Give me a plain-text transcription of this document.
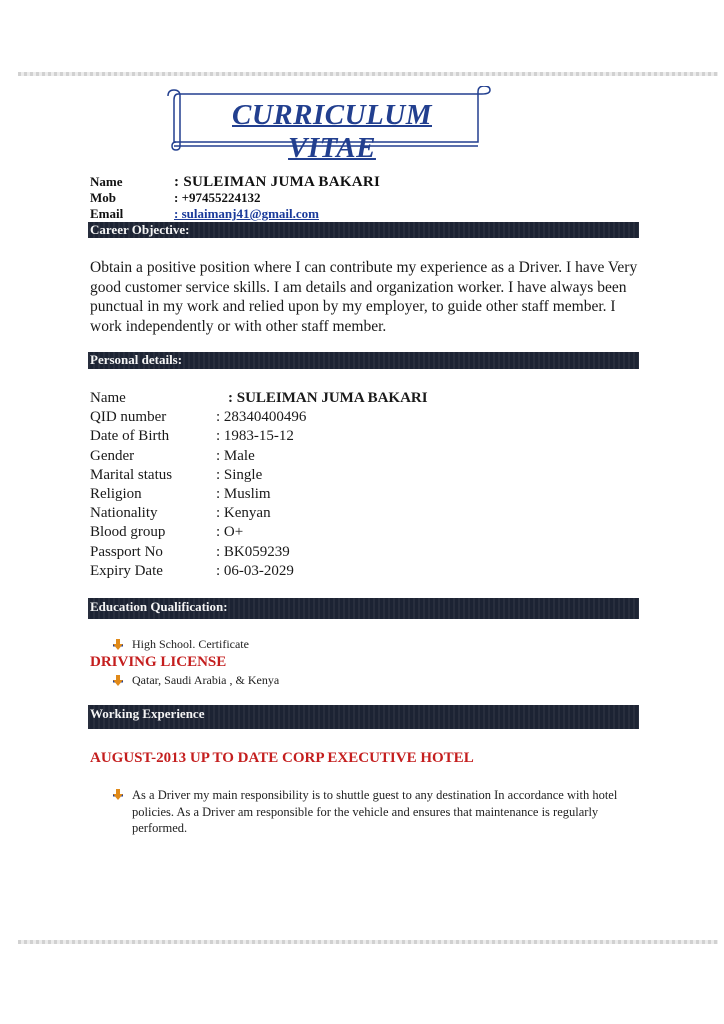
CURRICULUM VITAE
Name	: SULEIMAN JUMA BAKARI
Mob	: +97455224132
Email	: sulaimanj41@gmail.com
Career Objective:
Obtain a positive position where I can contribute my experience as a Driver. I have Very good customer service skills. I am details and organization worker. I have always been punctual in my work and relied upon by my employer, to guide other staff member. I work independently or with other staff member.
Personal details:
Name	: SULEIMAN JUMA BAKARI
QID number	: 28340400496
Date of Birth	: 1983-15-12
Gender	: Male
Marital status	: Single
Religion	: Muslim
Nationality	: Kenyan
Blood group	: O+
Passport No	: BK059239
Expiry Date	: 06-03-2029
Education Qualification:
High School. Certificate
DRIVING LICENSE
Qatar, Saudi Arabia , & Kenya
Working Experience
AUGUST-2013 UP TO DATE CORP EXECUTIVE HOTEL
As a Driver my main responsibility is to shuttle guest to any destination In accordance with hotel policies. As a Driver am responsible for the vehicle and ensures that maintenance is regularly performed.
